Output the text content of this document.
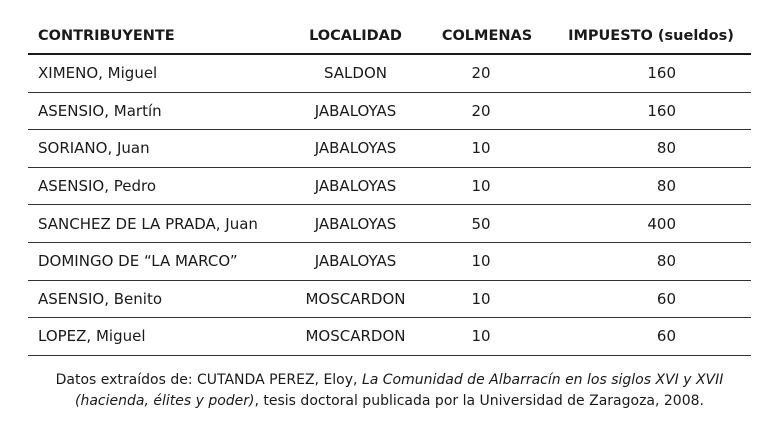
CONTRIBUYENTE	LOCALIDAD	COLMENAS	IMPUESTO (sueldos)
XIMENO, Miguel	SALDON	20	160
ASENSIO, Martín	JABALOYAS	20	160
SORIANO, Juan	JABALOYAS	10	80
ASENSIO, Pedro	JABALOYAS	10	80
SANCHEZ DE LA PRADA, Juan	JABALOYAS	50	400
DOMINGO DE “LA MARCO”	JABALOYAS	10	80
ASENSIO, Benito	MOSCARDON	10	60
LOPEZ, Miguel	MOSCARDON	10	60
Datos extraídos de: CUTANDA PEREZ, Eloy, La Comunidad de Albarracín en los siglos XVI y XVII
(hacienda, élites y poder), tesis doctoral publicada por la Universidad de Zaragoza, 2008.
